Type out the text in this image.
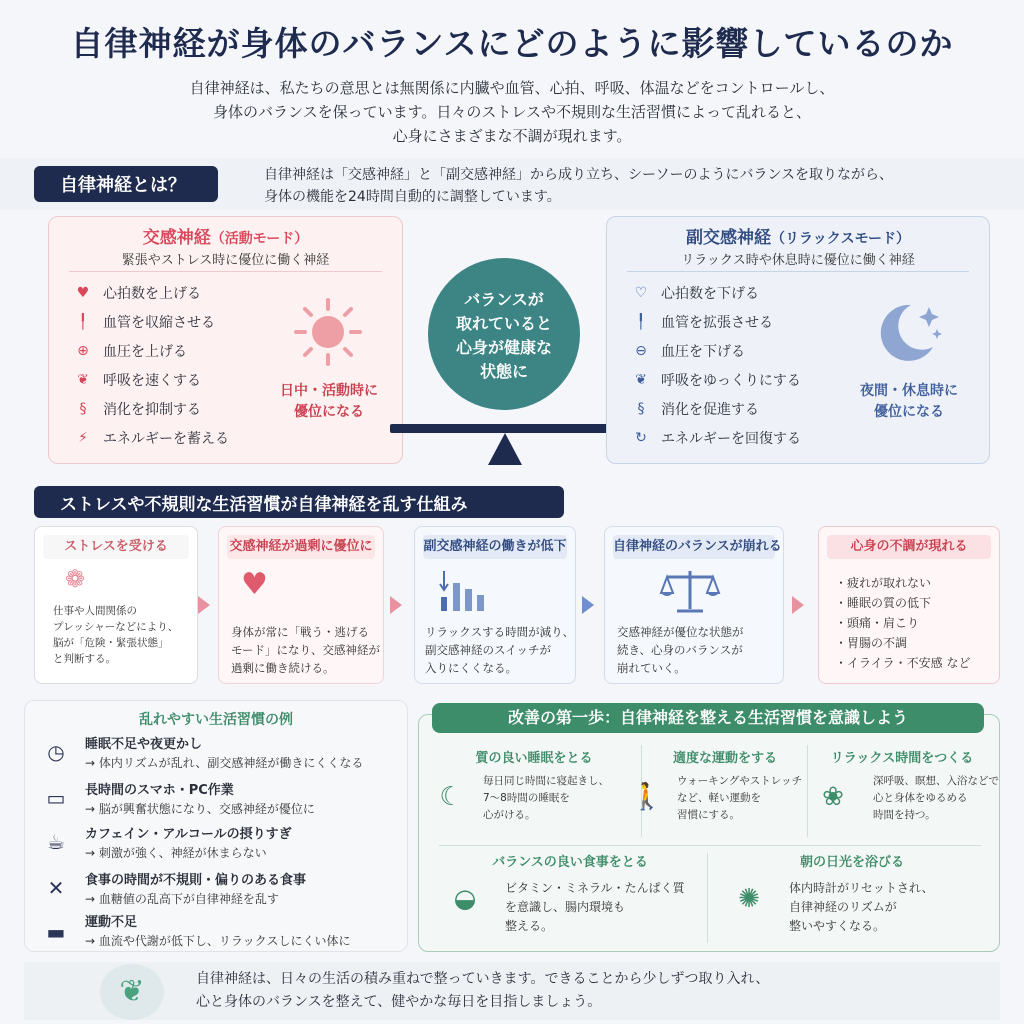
自律神経が身体のバランスにどのように影響しているのか
自律神経は、私たちの意思とは無関係に内臓や血管、心拍、呼吸、体温などをコントロールし、
身体のバランスを保っています。日々のストレスや不規則な生活習慣によって乱れると、
心身にさまざまな不調が現れます。
自律神経とは？	自律神経は「交感神経」と「副交感神経」から成り立ち、シーソーのようにバランスを取りながら、
身体の機能を24時間自動的に調整しています。
交感神経（活動モード）
緊張やストレス時に優位に働く神経
♥ 心拍数を上げる
╿	血管を収縮させる
⊕ 血圧を上げる
❦ 呼吸を速くする
§	消化を抑制する
⚡	エネルギーを蓄える
日中・活動時に
優位になる
バランスが
取れていると
心身が健康な
状態に
副交感神経（リラックスモード）
リラックス時や休息時に優位に働く神経
♡ 心拍数を下げる
╿	血管を拡張させる
⊖ 血圧を下げる
❦ 呼吸をゆっくりにする
§	消化を促進する
↻ エネルギーを回復する
夜間・休息時に
優位になる
ストレスや不規則な生活習慣が自律神経を乱す仕組み
ストレスを受ける
❁
仕事や人間関係の
プレッシャーなどにより、
脳が「危険・緊張状態」
と判断する。
交感神経が過剰に優位に
♥
身体が常に「戦う・逃げる
モード」になり、交感神経が
過剰に働き続ける。
副交感神経の働きが低下
リラックスする時間が減り、
副交感神経のスイッチが
入りにくくなる。
自律神経のバランスが崩れる
交感神経が優位な状態が
続き、心身のバランスが
崩れていく。
心身の不調が現れる
・疲れが取れない
・睡眠の質の低下
・頭痛・肩こり
・胃腸の不調
・イライラ・不安感 など
乱れやすい生活習慣の例
◷	睡眠不足や夜更かし
→ 体内リズムが乱れ、副交感神経が働きにくくなる
▭	長時間のスマホ・PC作業
→ 脳が興奮状態になり、交感神経が優位に
☕	カフェイン・アルコールの摂りすぎ
→ 刺激が強く、神経が休まらない
✕	食事の時間が不規則・偏りのある食事
→ 血糖値の乱高下が自律神経を乱す
▬	運動不足
→ 血流や代謝が低下し、リラックスしにくい体に
質の良い睡眠をとる
☾
毎日同じ時間に寝起きし、
7〜8時間の睡眠を
心がける。
適度な運動をする
🚶
ウォーキングやストレッチ
など、軽い運動を
習慣にする。
リラックス時間をつくる
❀
深呼吸、瞑想、入浴などで
心と身体をゆるめる
時間を持つ。
バランスの良い食事をとる
◒	ビタミン・ミネラル・たんぱく質
を意識し、腸内環境も
整える。
朝の日光を浴びる
✺	体内時計がリセットされ、
自律神経のリズムが
整いやすくなる。
改善の第一歩：自律神経を整える生活習慣を意識しよう
❦	自律神経は、日々の生活の積み重ねで整っていきます。できることから少しずつ取り入れ、
心と身体のバランスを整えて、健やかな毎日を目指しましょう。
